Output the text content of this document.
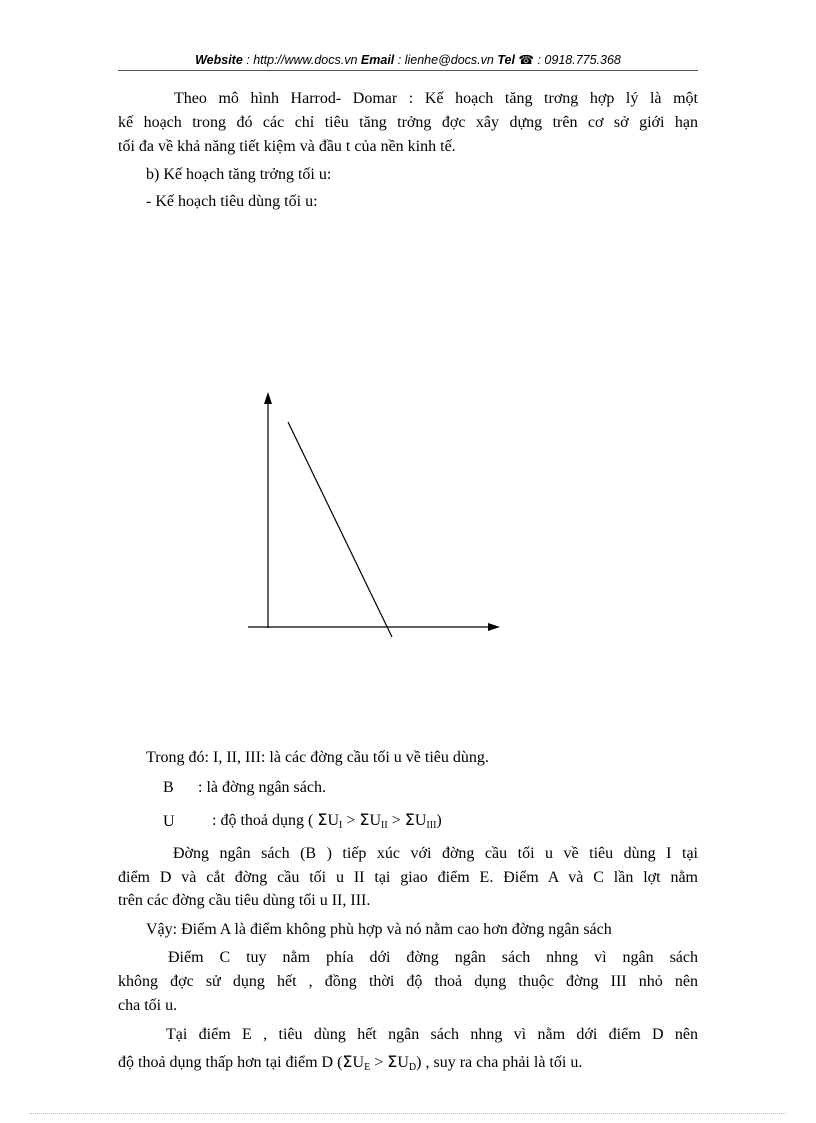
Website : http://www.docs.vn Email : lienhe@docs.vn Tel ☎ : 0918.775.368
Theo mô hình Harrod- Domar : Kế hoạch tăng trơng hợp lý là một
kế hoạch trong đó các chỉ tiêu tăng trởng đợc xây dựng trên cơ sở giới hạn
tối đa về khả năng tiết kiệm và đầu t của nền kinh tế.
b) Kế hoạch tăng trởng tối u:
- Kế hoạch tiêu dùng tối u:
Trong đó: I, II, III: là các đờng cầu tối u về tiêu dùng.
B : là đờng ngân sách.
U : độ thoả dụng ( $\Sigma U_I > \Sigma U_{II} > \Sigma U_{III}$)
Đờng ngân sách (B ) tiếp xúc với đờng cầu tối u về tiêu dùng I tại
điểm D và cắt đờng cầu tối u II tại giao điểm E. Điểm A và C lần lợt nằm
trên các đờng cầu tiêu dùng tối u II, III.
Vậy: Điểm A là điểm không phù hợp và nó nằm cao hơn đờng ngân sách
Điểm C tuy nằm phía dới đờng ngân sách nhng vì ngân sách
không đợc sử dụng hết , đồng thời độ thoả dụng thuộc đờng III nhỏ nên
cha tối u.
Tại điểm E , tiêu dùng hết ngân sách nhng vì nằm dới điểm D nên
độ thoả dụng thấp hơn tại điểm D $(\Sigma U_E > \Sigma U_D)$ , suy ra cha phải là tối u.
